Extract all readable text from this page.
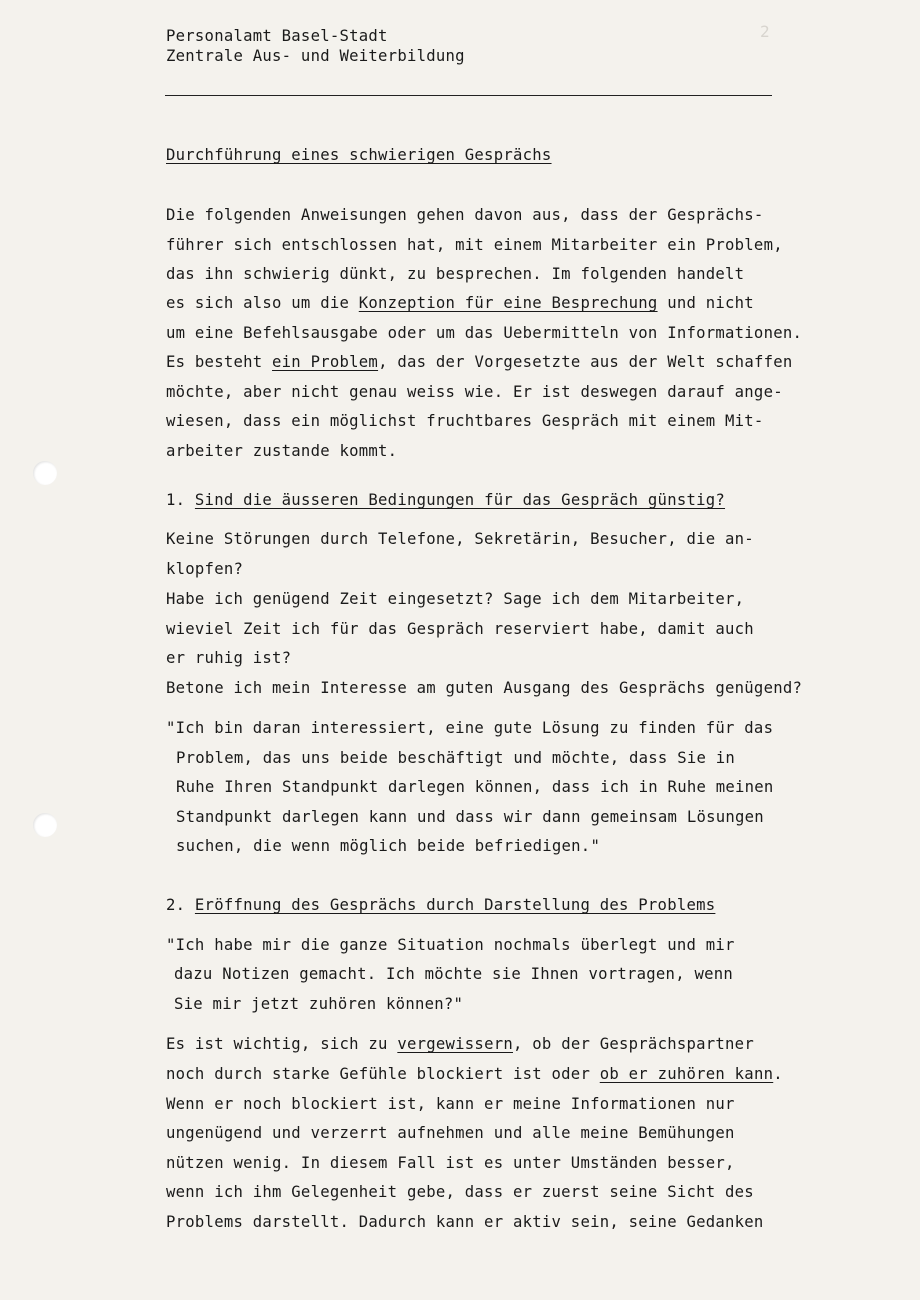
2
Personalamt Basel-Stadt
Zentrale Aus- und Weiterbildung
Durchführung eines schwierigen Gesprächs
Die folgenden Anweisungen gehen davon aus, dass der Gesprächs-
führer sich entschlossen hat, mit einem Mitarbeiter ein Problem,
das ihn schwierig dünkt, zu besprechen. Im folgenden handelt
es sich also um die Konzeption für eine Besprechung und nicht
um eine Befehlsausgabe oder um das Uebermitteln von Informationen.
Es besteht ein Problem, das der Vorgesetzte aus der Welt schaffen
möchte, aber nicht genau weiss wie. Er ist deswegen darauf ange-
wiesen, dass ein möglichst fruchtbares Gespräch mit einem Mit-
arbeiter zustande kommt.
1. Sind die äusseren Bedingungen für das Gespräch günstig?
Keine Störungen durch Telefone, Sekretärin, Besucher, die an-
klopfen?
Habe ich genügend Zeit eingesetzt? Sage ich dem Mitarbeiter,
wieviel Zeit ich für das Gespräch reserviert habe, damit auch
er ruhig ist?
Betone ich mein Interesse am guten Ausgang des Gesprächs genügend?
"Ich bin daran interessiert, eine gute Lösung zu finden für das
Problem, das uns beide beschäftigt und möchte, dass Sie in
Ruhe Ihren Standpunkt darlegen können, dass ich in Ruhe meinen
Standpunkt darlegen kann und dass wir dann gemeinsam Lösungen
suchen, die wenn möglich beide befriedigen."
2. Eröffnung des Gesprächs durch Darstellung des Problems
"Ich habe mir die ganze Situation nochmals überlegt und mir
dazu Notizen gemacht. Ich möchte sie Ihnen vortragen, wenn
Sie mir jetzt zuhören können?"
Es ist wichtig, sich zu vergewissern, ob der Gesprächspartner
noch durch starke Gefühle blockiert ist oder ob er zuhören kann.
Wenn er noch blockiert ist, kann er meine Informationen nur
ungenügend und verzerrt aufnehmen und alle meine Bemühungen
nützen wenig. In diesem Fall ist es unter Umständen besser,
wenn ich ihm Gelegenheit gebe, dass er zuerst seine Sicht des
Problems darstellt. Dadurch kann er aktiv sein, seine Gedanken
